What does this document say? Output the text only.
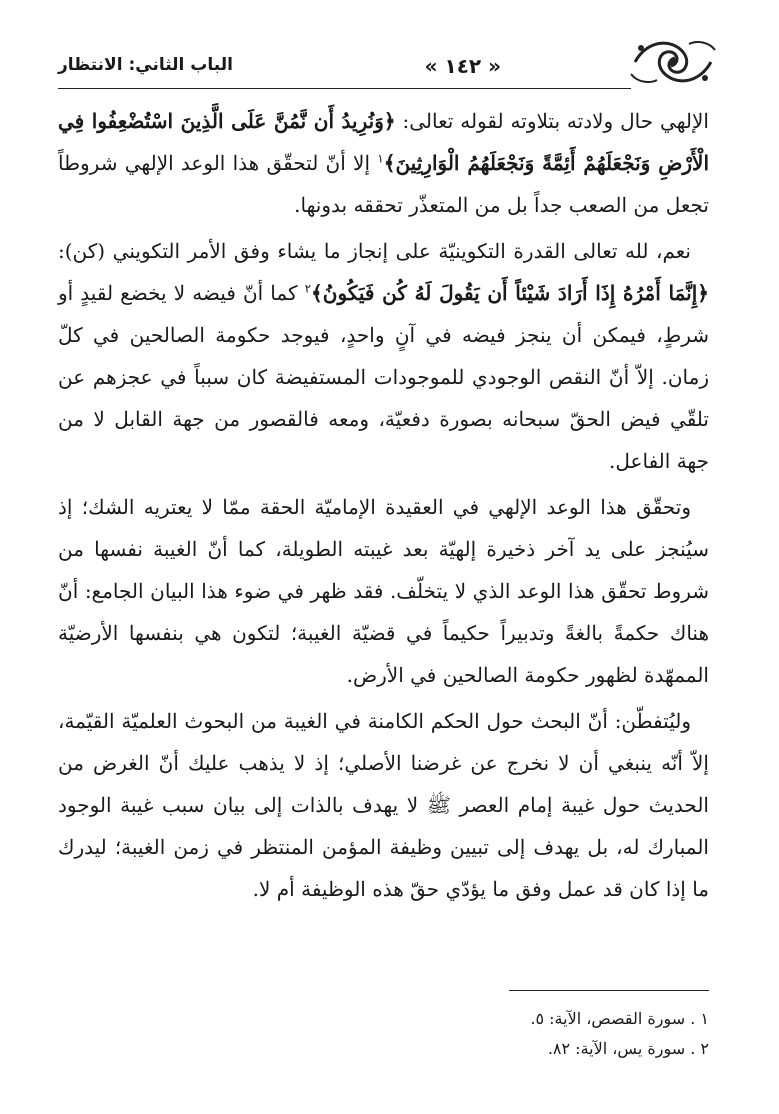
« ١٤٢ »
الباب الثاني: الانتظار

الإلهي حال ولادته بتلاوته لقوله تعالى: ﴿وَنُرِيدُ أَن نَّمُنَّ عَلَى الَّذِينَ اسْتُضْعِفُوا فِي الْأَرْضِ وَنَجْعَلَهُمْ أَئِمَّةً وَنَجْعَلَهُمُ الْوَارِثِينَ﴾$^١$ إلا أنّ لتحقّق هذا الوعد الإلهي شروطاً تجعل من الصعب جداً بل من المتعذّر تحققه بدونها.

نعم، لله تعالى القدرة التكوينيّة على إنجاز ما يشاء وفق الأمر التكويني (كن): ﴿إِنَّمَا أَمْرُهُ إِذَا أَرَادَ شَيْئاً أَن يَقُولَ لَهُ كُن فَيَكُونُ﴾$^٢$ كما أنّ فيضه لا يخضع لقيدٍ أو شرطٍ، فيمكن أن ينجز فيضه في آنٍ واحدٍ، فيوجد حكومة الصالحين في كلّ زمان. إلاّ أنّ النقص الوجودي للموجودات المستفيضة كان سبباً في عجزهم عن تلقّي فيض الحقّ سبحانه بصورة دفعيّة، ومعه فالقصور من جهة القابل لا من جهة الفاعل.

وتحقّق هذا الوعد الإلهي في العقيدة الإماميّة الحقة ممّا لا يعتريه الشك؛ إذ سيُنجز على يد آخر ذخيرة إلهيّة بعد غيبته الطويلة، كما أنّ الغيبة نفسها من شروط تحقّق هذا الوعد الذي لا يتخلّف. فقد ظهر في ضوء هذا البيان الجامع: أنّ هناك حكمةً بالغةً وتدبيراً حكيماً في قضيّة الغيبة؛ لتكون هي بنفسها الأرضيّة الممهّدة لظهور حكومة الصالحين في الأرض.

وليُتفطّن: أنّ البحث حول الحكم الكامنة في الغيبة من البحوث العلميّة القيّمة، إلاّ أنّه ينبغي أن لا نخرج عن غرضنا الأصلي؛ إذ لا يذهب عليك أنّ الغرض من الحديث حول غيبة إمام العصر ﷺ لا يهدف بالذات إلى بيان سبب غيبة الوجود المبارك له، بل يهدف إلى تبيين وظيفة المؤمن المنتظر في زمن الغيبة؛ ليدرك ما إذا كان قد عمل وفق ما يؤدّي حقّ هذه الوظيفة أم لا.

١ . سورة القصص، الآية: ٥.
٢ . سورة يس، الآية: ٨٢.
